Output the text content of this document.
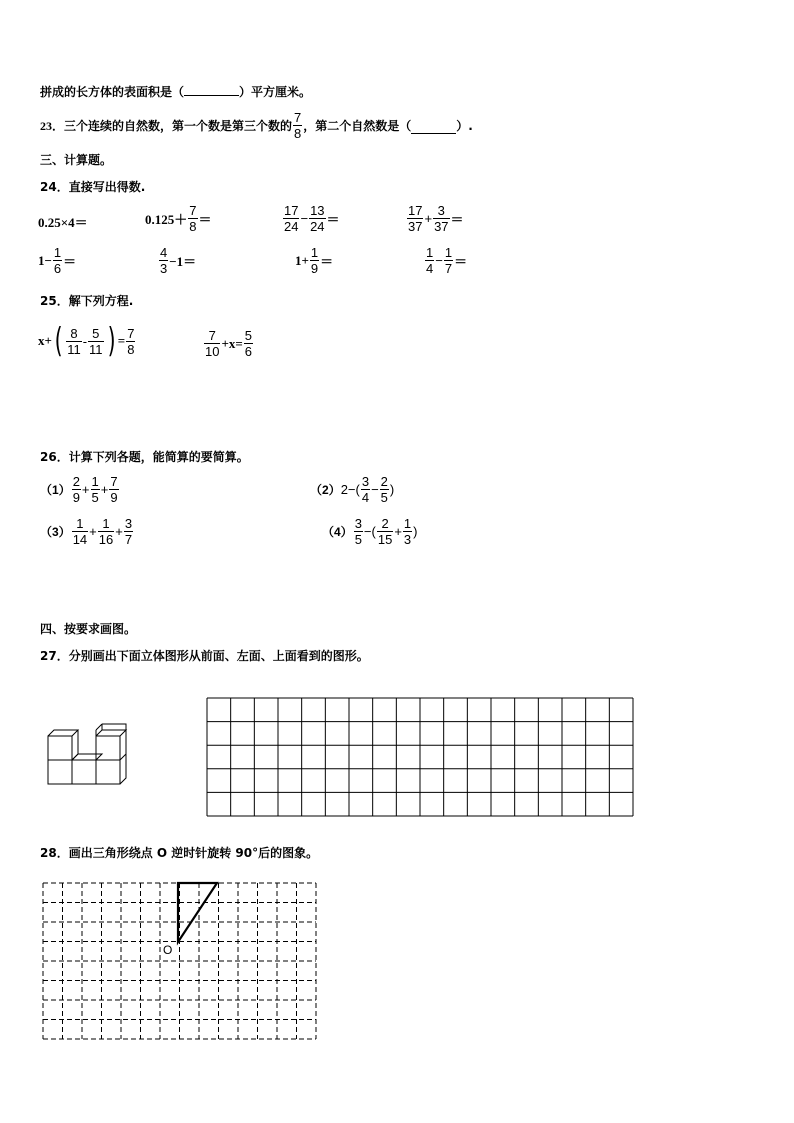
拼成的长方体的表面积是（	）平方厘米。
23． 三个连续的自然数，第一个数是第三个数的 $\frac{7}{8}$ ，第二个自然数是（	）.
三、计算题。
24．直接写出得数.
0.25×4＝	$0.125+ \frac{7}{8}$ ＝	$\frac{17}{24} - \frac{13}{24}$ ＝	$\frac{17}{37} + \frac{3}{37}$ ＝
$1- \frac{1}{6}$ ＝	$\frac{4}{3} -1=$	$1+ \frac{1}{9}$ ＝	$\frac{1}{4} - \frac{1}{7}$ ＝
25．解下列方程.
x+ ( $\frac{8}{11} - \frac{5}{11}$ ) = $\frac{7}{8}$	$\frac{7}{10} +x= \frac{5}{6}$
26．计算下列各题，能简算的要简算。
$(1) \frac{2}{9} + \frac{1}{5} + \frac{7}{9}$	（2） $2-( \frac{3}{4} - \frac{2}{5}$ )
$(3) \frac{1}{14} + \frac{1}{16} + \frac{3}{7}$	$(4) \frac{3}{5}$ −( $\frac{2}{15} + \frac{1}{3}$ )
四、按要求画图。
27．分别画出下面立体图形从前面、左面、上面看到的图形。
28．画出三角形绕点 O 逆时针旋转 90°后的图象。
O
